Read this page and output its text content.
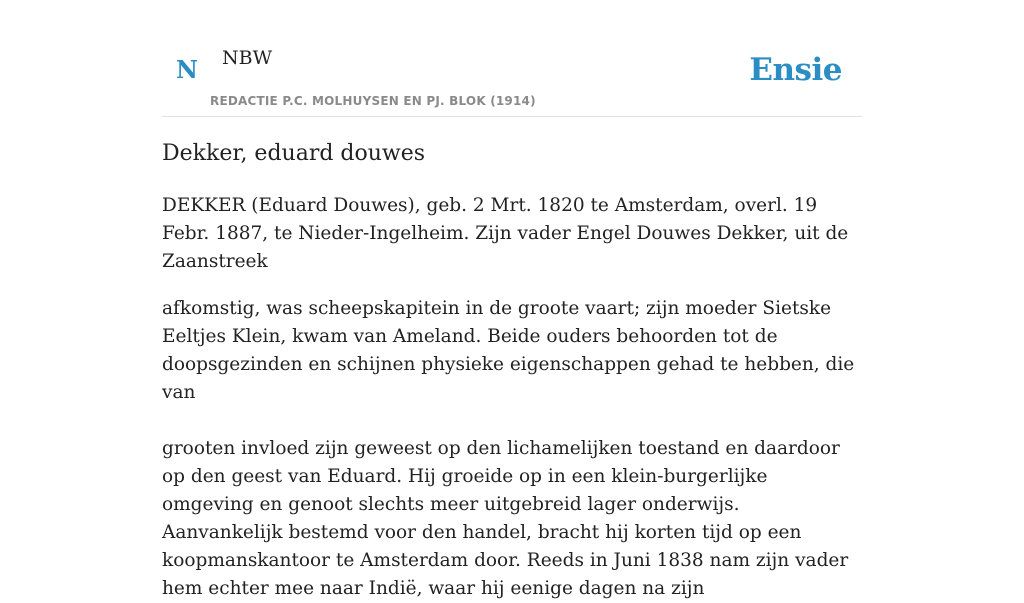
N NBW
REDACTIE P.C. MOLHUYSEN EN PJ. BLOK (1914)
Ensie
Dekker, eduard douwes

DEKKER (Eduard Douwes), geb. 2 Mrt. 1820 te Amsterdam, overl. 19 Febr. 1887, te Nieder-Ingelheim. Zijn vader Engel Douwes Dekker, uit de Zaanstreek

afkomstig, was scheepskapitein in de groote vaart; zijn moeder Sietske Eeltjes Klein, kwam van Ameland. Beide ouders behoorden tot de doopsgezinden en schijnen physieke eigenschappen gehad te hebben, die van

grooten invloed zijn geweest op den lichamelijken toestand en daardoor op den geest van Eduard. Hij groeide op in een klein-burgerlijke omgeving en genoot slechts meer uitgebreid lager onderwijs. Aanvankelijk bestemd voor den handel, bracht hij korten tijd op een koopmanskantoor te Amsterdam door. Reeds in Juni 1838 nam zijn vader hem echter mee naar Indië, waar hij eenige dagen na zijn
